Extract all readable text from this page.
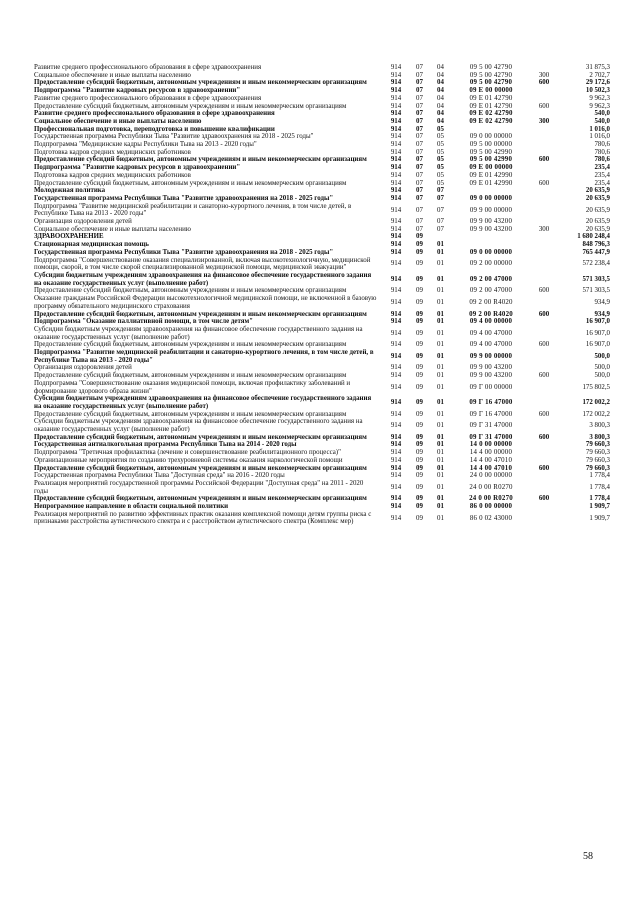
Развитие среднего профессионального образования в сфере здравоохранения	914	07	04	09 5 00 42790	31 875,3
Социальное обеспечение и иные выплаты населению	914	07	04	09 5 00 42790	300	2 702,7
Предоставление субсидий бюджетным, автономным учреждениям и иным некоммерческим организациям	914	07	04	09 5 00 42790	600	29 172,6
Подпрограмма "Развитие кадровых ресурсов в здравоохранении"	914	07	04	09 Е 00 00000	10 502,3
Развитие среднего профессионального образования в сфере здравоохранения	914	07	04	09 Е 01 42790	9 962,3
Предоставление субсидий бюджетным, автономным учреждениям и иным некоммерческим организациям	914	07	04	09 Е 01 42790	600	9 962,3
Развитие среднего профессионального образования в сфере здравоохранения	914	07	04	09 Е 02 42790	540,0
Социальное обеспечение и иные выплаты населению	914	07	04	09 Е 02 42790	300	540,0
Профессиональная подготовка, переподготовка и повышение квалификации	914	07	05	1 016,0
Государственная программа Республики Тыва "Развитие здравоохранения на 2018 - 2025 годы"	914	07	05	09 0 00 00000	1 016,0
Подпрограмма "Медицинские кадры Республики Тыва на 2013 - 2020 годы"	914	07	05	09 5 00 00000	780,6
Подготовка кадров средних медицинских работников	914	07	05	09 5 00 42990	780,6
Предоставление субсидий бюджетным, автономным учреждениям и иным некоммерческим организациям	914	07	05	09 5 00 42990	600	780,6
Подпрограмма "Развитие кадровых ресурсов в здравоохранении"	914	07	05	09 Е 00 00000	235,4
Подготовка кадров средних медицинских работников	914	07	05	09 Е 01 42990	235,4
Предоставление субсидий бюджетным, автономным учреждениям и иным некоммерческим организациям	914	07	05	09 Е 01 42990	600	235,4
Молодежная политика	914	07	07	20 635,9
Государственная программа Республики Тыва "Развитие здравоохранения на 2018 - 2025 годы"	914	07	07	09 0 00 00000	20 635,9
Подпрограмма "Развитие медицинской реабилитации и санаторно-курортного лечения, в том числе детей, в Республике Тыва на 2013 - 2020 годы"
914	07	07	09 9 00 00000	20 635,9
Организация оздоровления детей	914	07	07	09 9 00 43200	20 635,9
Социальное обеспечение и иные выплаты населению	914	07	07	09 9 00 43200	300	20 635,9
ЗДРАВООХРАНЕНИЕ	914	09	1 680 248,4
Стационарная медицинская помощь	914	09	01	848 796,3
Государственная программа Республики Тыва "Развитие здравоохранения на 2018 - 2025 годы"	914	09	01	09 0 00 00000	765 447,9
Подпрограмма "Совершенствование оказания специализированной, включая высокотехнологичную, медицинской помощи, скорой, в том числе скорой специализированной медицинской помощи, медицинской эвакуации"
914	09	01	09 2 00 00000	572 238,4
Субсидии бюджетным учреждениям здравоохранения на финансовое обеспечение государственного задания на оказание государственных услуг (выполнение работ)
914	09	01	09 2 00 47000	571 303,5
Предоставление субсидий бюджетным, автономным учреждениям и иным некоммерческим организациям	914	09	01	09 2 00 47000	600	571 303,5
Оказание гражданам Российской Федерации высокотехнологичной медицинской помощи, не включенной в базовую программу обязательного медицинского страхования
914	09	01	09 2 00 R4020	934,9
Предоставление субсидий бюджетным, автономным учреждениям и иным некоммерческим организациям	914	09	01	09 2 00 R4020	600	934,9
Подпрограмма "Оказание паллиативной помощи, в том числе детям"	914	09	01	09 4 00 00000	16 907,0
Субсидии бюджетным учреждениям здравоохранения на финансовое обеспечение государственного задания на оказание государственных услуг (выполнение работ)
914	09	01	09 4 00 47000	16 907,0
Предоставление субсидий бюджетным, автономным учреждениям и иным некоммерческим организациям	914	09	01	09 4 00 47000	600	16 907,0
Подпрограмма "Развитие медицинской реабилитации и санаторно-курортного лечения, в том числе детей, в Республике Тыва на 2013 - 2020 годы"
914	09	01	09 9 00 00000	500,0
Организация оздоровления детей	914	09	01	09 9 00 43200	500,0
Предоставление субсидий бюджетным, автономным учреждениям и иным некоммерческим организациям	914	09	01	09 9 00 43200	600	500,0
Подпрограмма "Совершенствование оказания медицинской помощи, включая профилактику заболеваний и формирование здорового образа жизни"
914	09	01	09 Г 00 00000	175 802,5
Субсидии бюджетным учреждениям здравоохранения на финансовое обеспечение государственного задания на оказание государственных услуг (выполнение работ)
914	09	01	09 Г 16 47000	172 002,2
Предоставление субсидий бюджетным, автономным учреждениям и иным некоммерческим организациям	914	09	01	09 Г 16 47000	600	172 002,2
Субсидии бюджетным учреждениям здравоохранения на финансовое обеспечение государственного задания на оказание государственных услуг (выполнение работ)
914	09	01	09 Г 31 47000	3 800,3
Предоставление субсидий бюджетным, автономным учреждениям и иным некоммерческим организациям	914	09	01	09 Г 31 47000	600	3 800,3
Государственная антиалкогольная программа Республики Тыва на 2014 - 2020 годы	914	09	01	14 0 00 00000	79 660,3
Подпрограмма "Третичная профилактика (лечение и совершенствование реабилитационного процесса)"	914	09	01	14 4 00 00000	79 660,3
Организационные мероприятия по созданию трехуровневой системы оказания наркологической помощи	914	09	01	14 4 00 47010	79 660,3
Предоставление субсидий бюджетным, автономным учреждениям и иным некоммерческим организациям	914	09	01	14 4 00 47010	600	79 660,3
Государственная программа Республики Тыва "Доступная среда" на 2016 - 2020 годы	914	09	01	24 0 00 00000	1 778,4
Реализация мероприятий государственной программы Российской Федерации "Доступная среда" на 2011 - 2020 годы
914	09	01	24 0 00 R0270	1 778,4
Предоставление субсидий бюджетным, автономным учреждениям и иным некоммерческим организациям	914	09	01	24 0 00 R0270	600	1 778,4
Непрограммное направление в области социальной политики	914	09	01	86 0 00 00000	1 909,7
Реализация мероприятий по развитию эффективных практик оказания комплексной помощи детям группы риска с признаками расстройства аутистического спектра и с расстройством аутистического спектра (Комплекс мер)
914	09	01	86 0 02 43000	1 909,7
58
